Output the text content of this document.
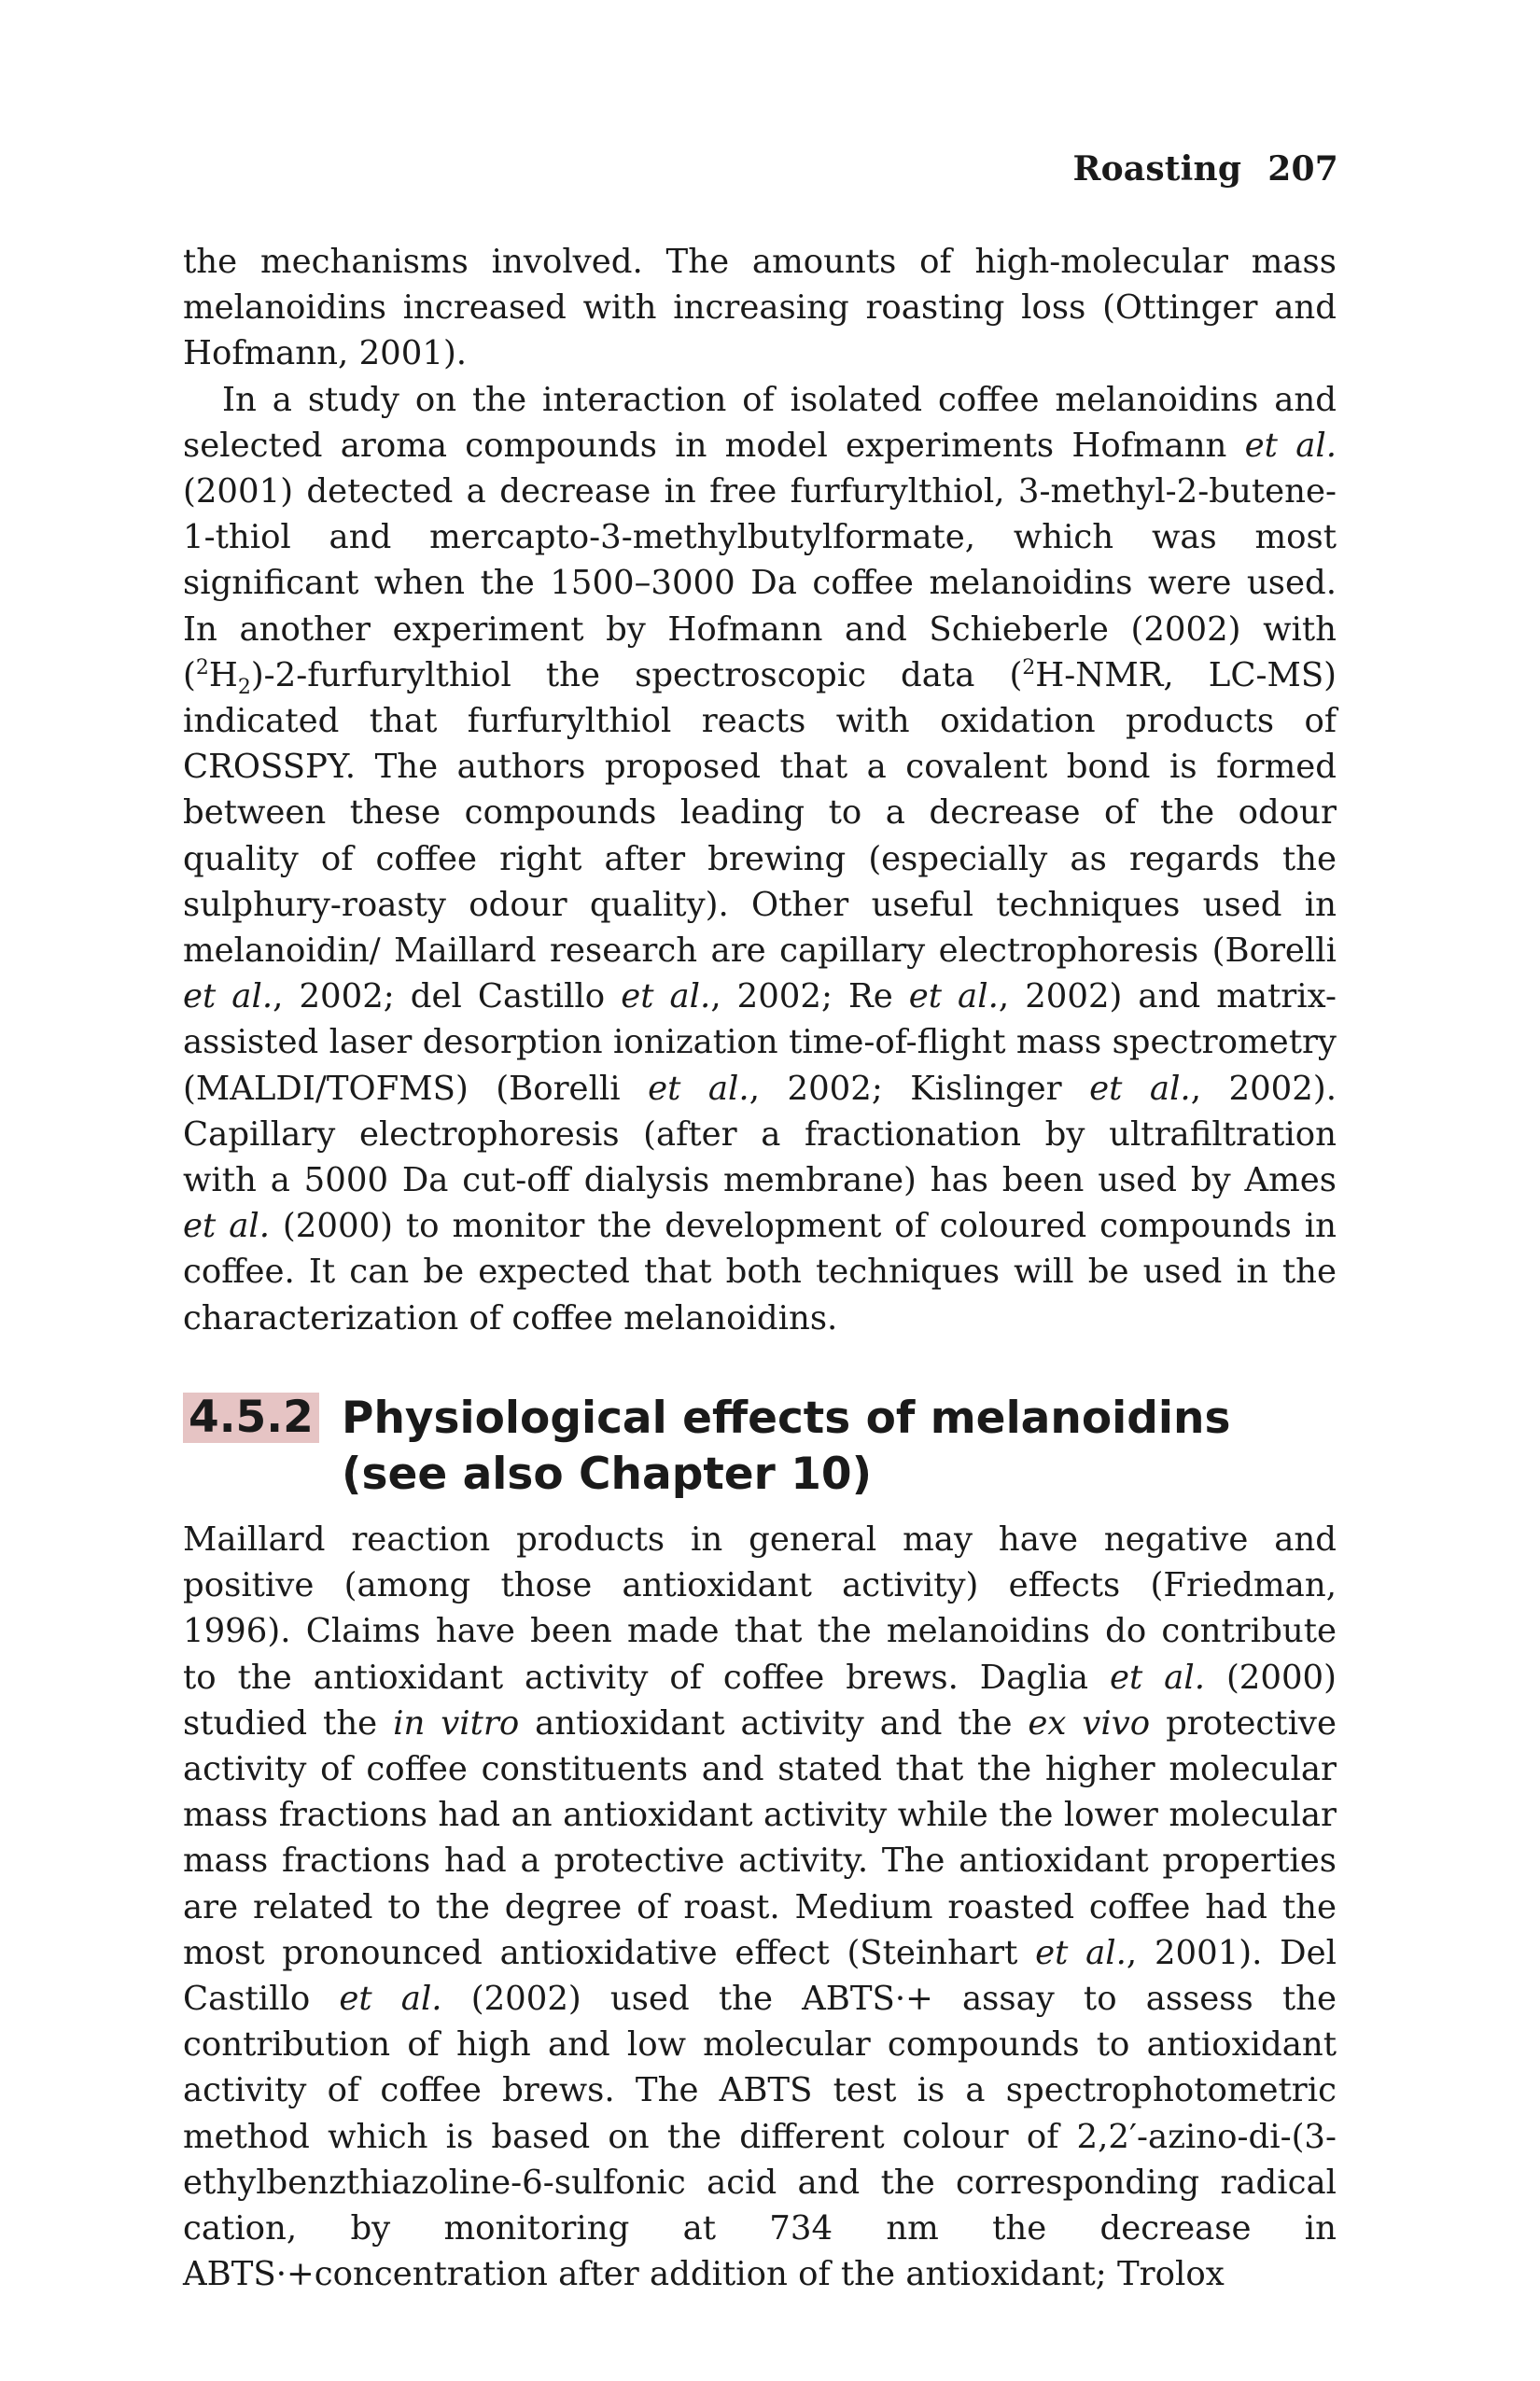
Roasting 207

the mechanisms involved. The amounts of high-molecular mass melanoidins increased with increasing roasting loss (Ottinger and Hofmann, 2001).

In a study on the interaction of isolated coffee melanoidins and selected aroma compounds in model experiments Hofmann et al. (2001) detected a decrease in free furfurylthiol, 3-methyl-2-butene-1-thiol and mercapto-3-methylbutylformate, which was most significant when the 1500–3000 Da coffee melanoidins were used. In another experiment by Hofmann and Schieberle (2002) with $(^2H_2)-2$-furfurylthiol the spectroscopic data ($^2$H-NMR, LC-MS) indicated that furfurylthiol reacts with oxidation products of CROSSPY. The authors proposed that a covalent bond is formed between these compounds leading to a decrease of the odour quality of coffee right after brewing (especially as regards the sulphury-roasty odour quality). Other useful techniques used in melanoidin/ Maillard research are capillary electrophoresis (Borelli et al., 2002; del Castillo et al., 2002; Re et al., 2002) and matrix-assisted laser desorption ionization time-of-flight mass spectrometry (MALDI/TOFMS) (Borelli et al., 2002; Kislinger et al., 2002). Capillary electrophoresis (after a fractionation by ultrafiltration with a 5000 Da cut-off dialysis membrane) has been used by Ames et al. (2000) to monitor the development of coloured compounds in coffee. It can be expected that both techniques will be used in the characterization of coffee melanoidins.

4.5.2 Physiological effects of melanoidins (see also Chapter 10)

Maillard reaction products in general may have negative and positive (among those antioxidant activity) effects (Friedman, 1996). Claims have been made that the melanoidins do contribute to the antioxidant activity of coffee brews. Daglia et al. (2000) studied the in vitro antioxidant activity and the ex vivo protective activity of coffee constituents and stated that the higher molecular mass fractions had an antioxidant activity while the lower molecular mass fractions had a protective activity. The antioxidant properties are related to the degree of roast. Medium roasted coffee had the most pronounced antioxidative effect (Steinhart et al., 2001). Del Castillo et al. (2002) used the ABTS·+ assay to assess the contribution of high and low molecular compounds to antioxidant activity of coffee brews. The ABTS test is a spectrophotometric method which is based on the different colour of 2,2′-azino-di-(3-ethylbenzthiazoline-6-sulfonic acid and the corresponding radical cation, by monitoring at 734 nm the decrease in ABTS·+concentration after addition of the antioxidant; Trolox
